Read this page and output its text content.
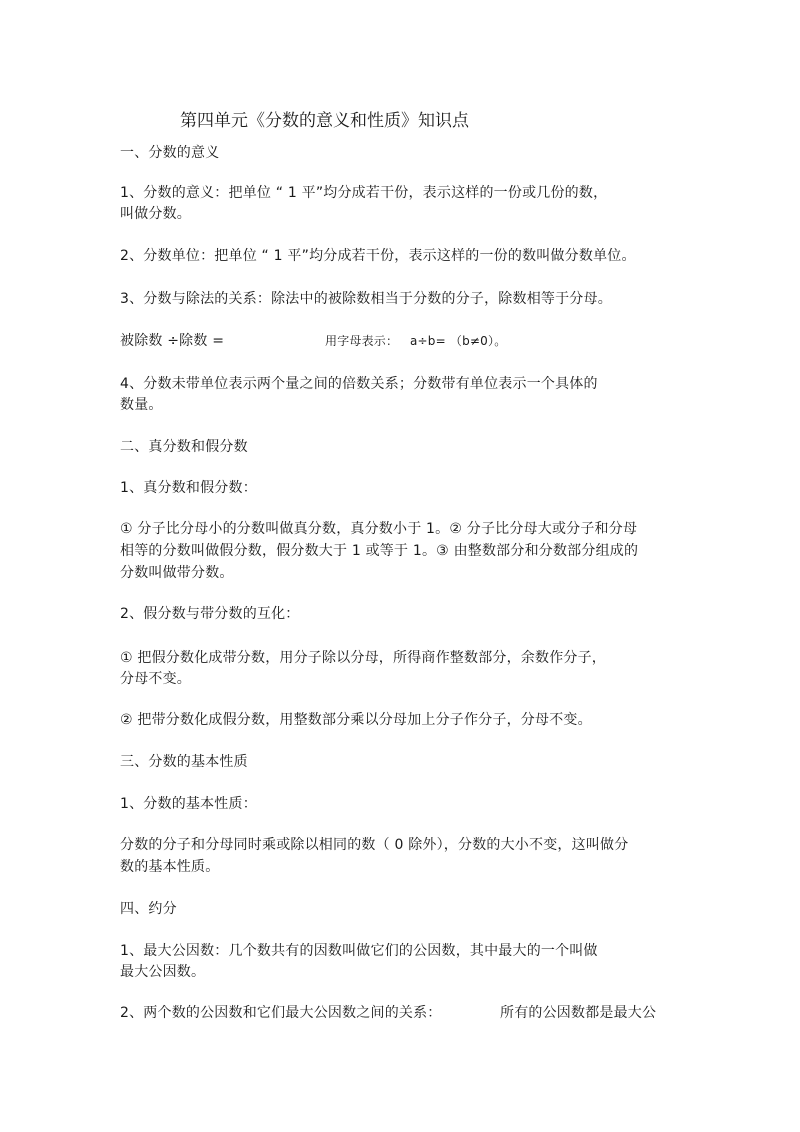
第四单元《分数的意义和性质》知识点
一、分数的意义
1、分数的意义：把单位 “ 1 平”均分成若干份，表示这样的一份或几份的数，
叫做分数。
2、分数单位：把单位 “ 1 平”均分成若干份，表示这样的一份的数叫做分数单位。
3、分数与除法的关系：除法中的被除数相当于分数的分子，除数相等于分母。
被除数 ÷除数 =	用字母表示： a÷b= （b≠0）。
4、分数未带单位表示两个量之间的倍数关系；分数带有单位表示一个具体的
数量。
二、真分数和假分数
1、真分数和假分数：
① 分子比分母小的分数叫做真分数，真分数小于 1。② 分子比分母大或分子和分母
相等的分数叫做假分数，假分数大于 1 或等于 1。③ 由整数部分和分数部分组成的
分数叫做带分数。
2、假分数与带分数的互化：
① 把假分数化成带分数，用分子除以分母，所得商作整数部分，余数作分子，
分母不变。
② 把带分数化成假分数，用整数部分乘以分母加上分子作分子，分母不变。
三、分数的基本性质
1、分数的基本性质：
分数的分子和分母同时乘或除以相同的数（ 0 除外），分数的大小不变，这叫做分
数的基本性质。
四、约分
1、最大公因数：几个数共有的因数叫做它们的公因数，其中最大的一个叫做
最大公因数。
2、两个数的公因数和它们最大公因数之间的关系：	所有的公因数都是最大公
